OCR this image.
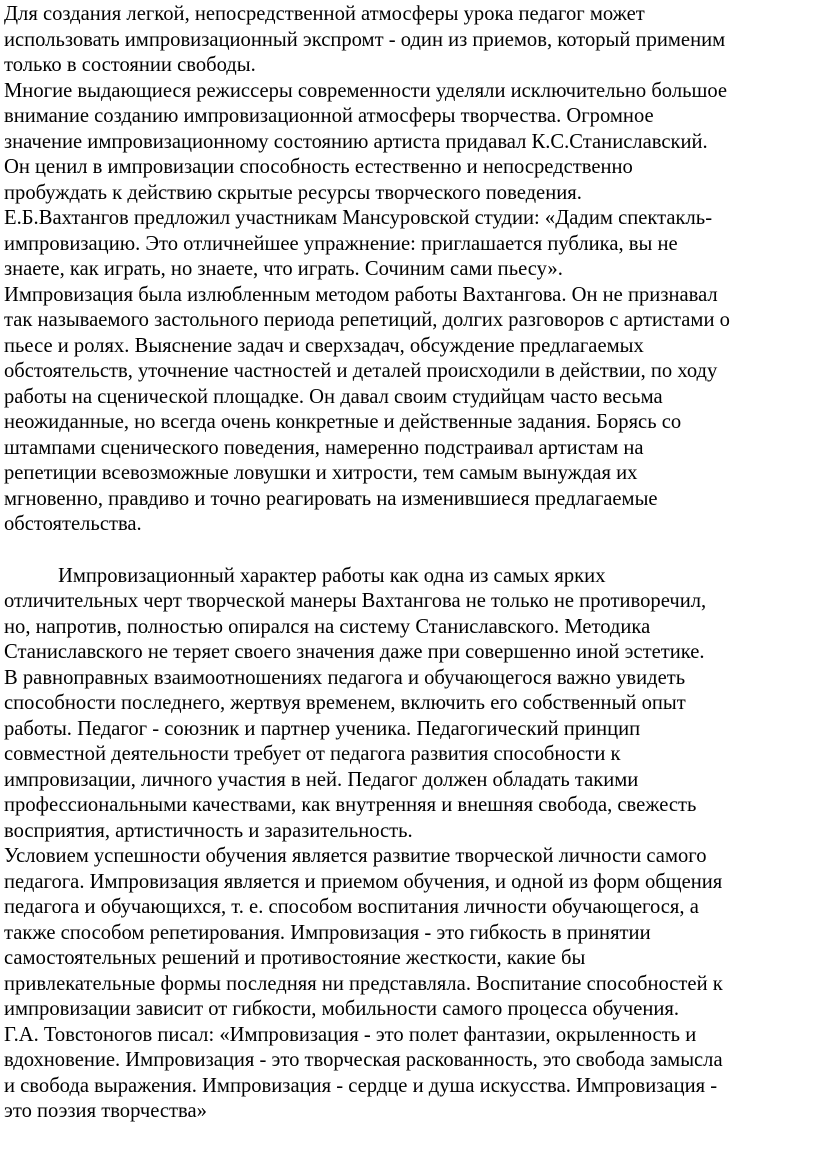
Для создания легкой, непосредственной атмосферы урока педагог может
использовать импровизационный экспромт - один из приемов, который применим
только в состоянии свободы.

Многие выдающиеся режиссеры современности уделяли исключительно большое
внимание созданию импровизационной атмосферы творчества. Огромное
значение импровизационному состоянию артиста придавал К.С.Станиславский.
Он ценил в импровизации способность естественно и непосредственно
пробуждать к действию скрытые ресурсы творческого поведения.

Е.Б.Вахтангов предложил участникам Мансуровской студии: «Дадим спектакль-
импровизацию. Это отличнейшее упражнение: приглашается публика, вы не
знаете, как играть, но знаете, что играть. Сочиним сами пьесу».

Импровизация была излюбленным методом работы Вахтангова. Он не признавал
так называемого застольного периода репетиций, долгих разговоров с артистами о
пьесе и ролях. Выяснение задач и сверхзадач, обсуждение предлагаемых
обстоятельств, уточнение частностей и деталей происходили в действии, по ходу
работы на сценической площадке. Он давал своим студийцам часто весьма
неожиданные, но всегда очень конкретные и действенные задания. Борясь со
штампами сценического поведения, намеренно подстраивал артистам на
репетиции всевозможные ловушки и хитрости, тем самым вынуждая их
мгновенно, правдиво и точно реагировать на изменившиеся предлагаемые
обстоятельства.

Импровизационный характер работы как одна из самых ярких
отличительных черт творческой манеры Вахтангова не только не противоречил,
но, напротив, полностью опирался на систему Станиславского. Методика
Станиславского не теряет своего значения даже при совершенно иной эстетике.

В равноправных взаимоотношениях педагога и обучающегося важно увидеть
способности последнего, жертвуя временем, включить его собственный опыт
работы. Педагог - союзник и партнер ученика. Педагогический принцип
совместной деятельности требует от педагога развития способности к
импровизации, личного участия в ней. Педагог должен обладать такими
профессиональными качествами, как внутренняя и внешняя свобода, свежесть
восприятия, артистичность и заразительность.

Условием успешности обучения является развитие творческой личности самого
педагога. Импровизация является и приемом обучения, и одной из форм общения
педагога и обучающихся, т. е. способом воспитания личности обучающегося, а
также способом репетирования. Импровизация - это гибкость в принятии
самостоятельных решений и противостояние жесткости, какие бы
привлекательные формы последняя ни представляла. Воспитание способностей к
импровизации зависит от гибкости, мобильности самого процесса обучения.

Г.А. Товстоногов писал: «Импровизация - это полет фантазии, окрыленность и
вдохновение. Импровизация - это творческая раскованность, это свобода замысла
и свобода выражения. Импровизация - сердце и душа искусства. Импровизация -
это поэзия творчества»
